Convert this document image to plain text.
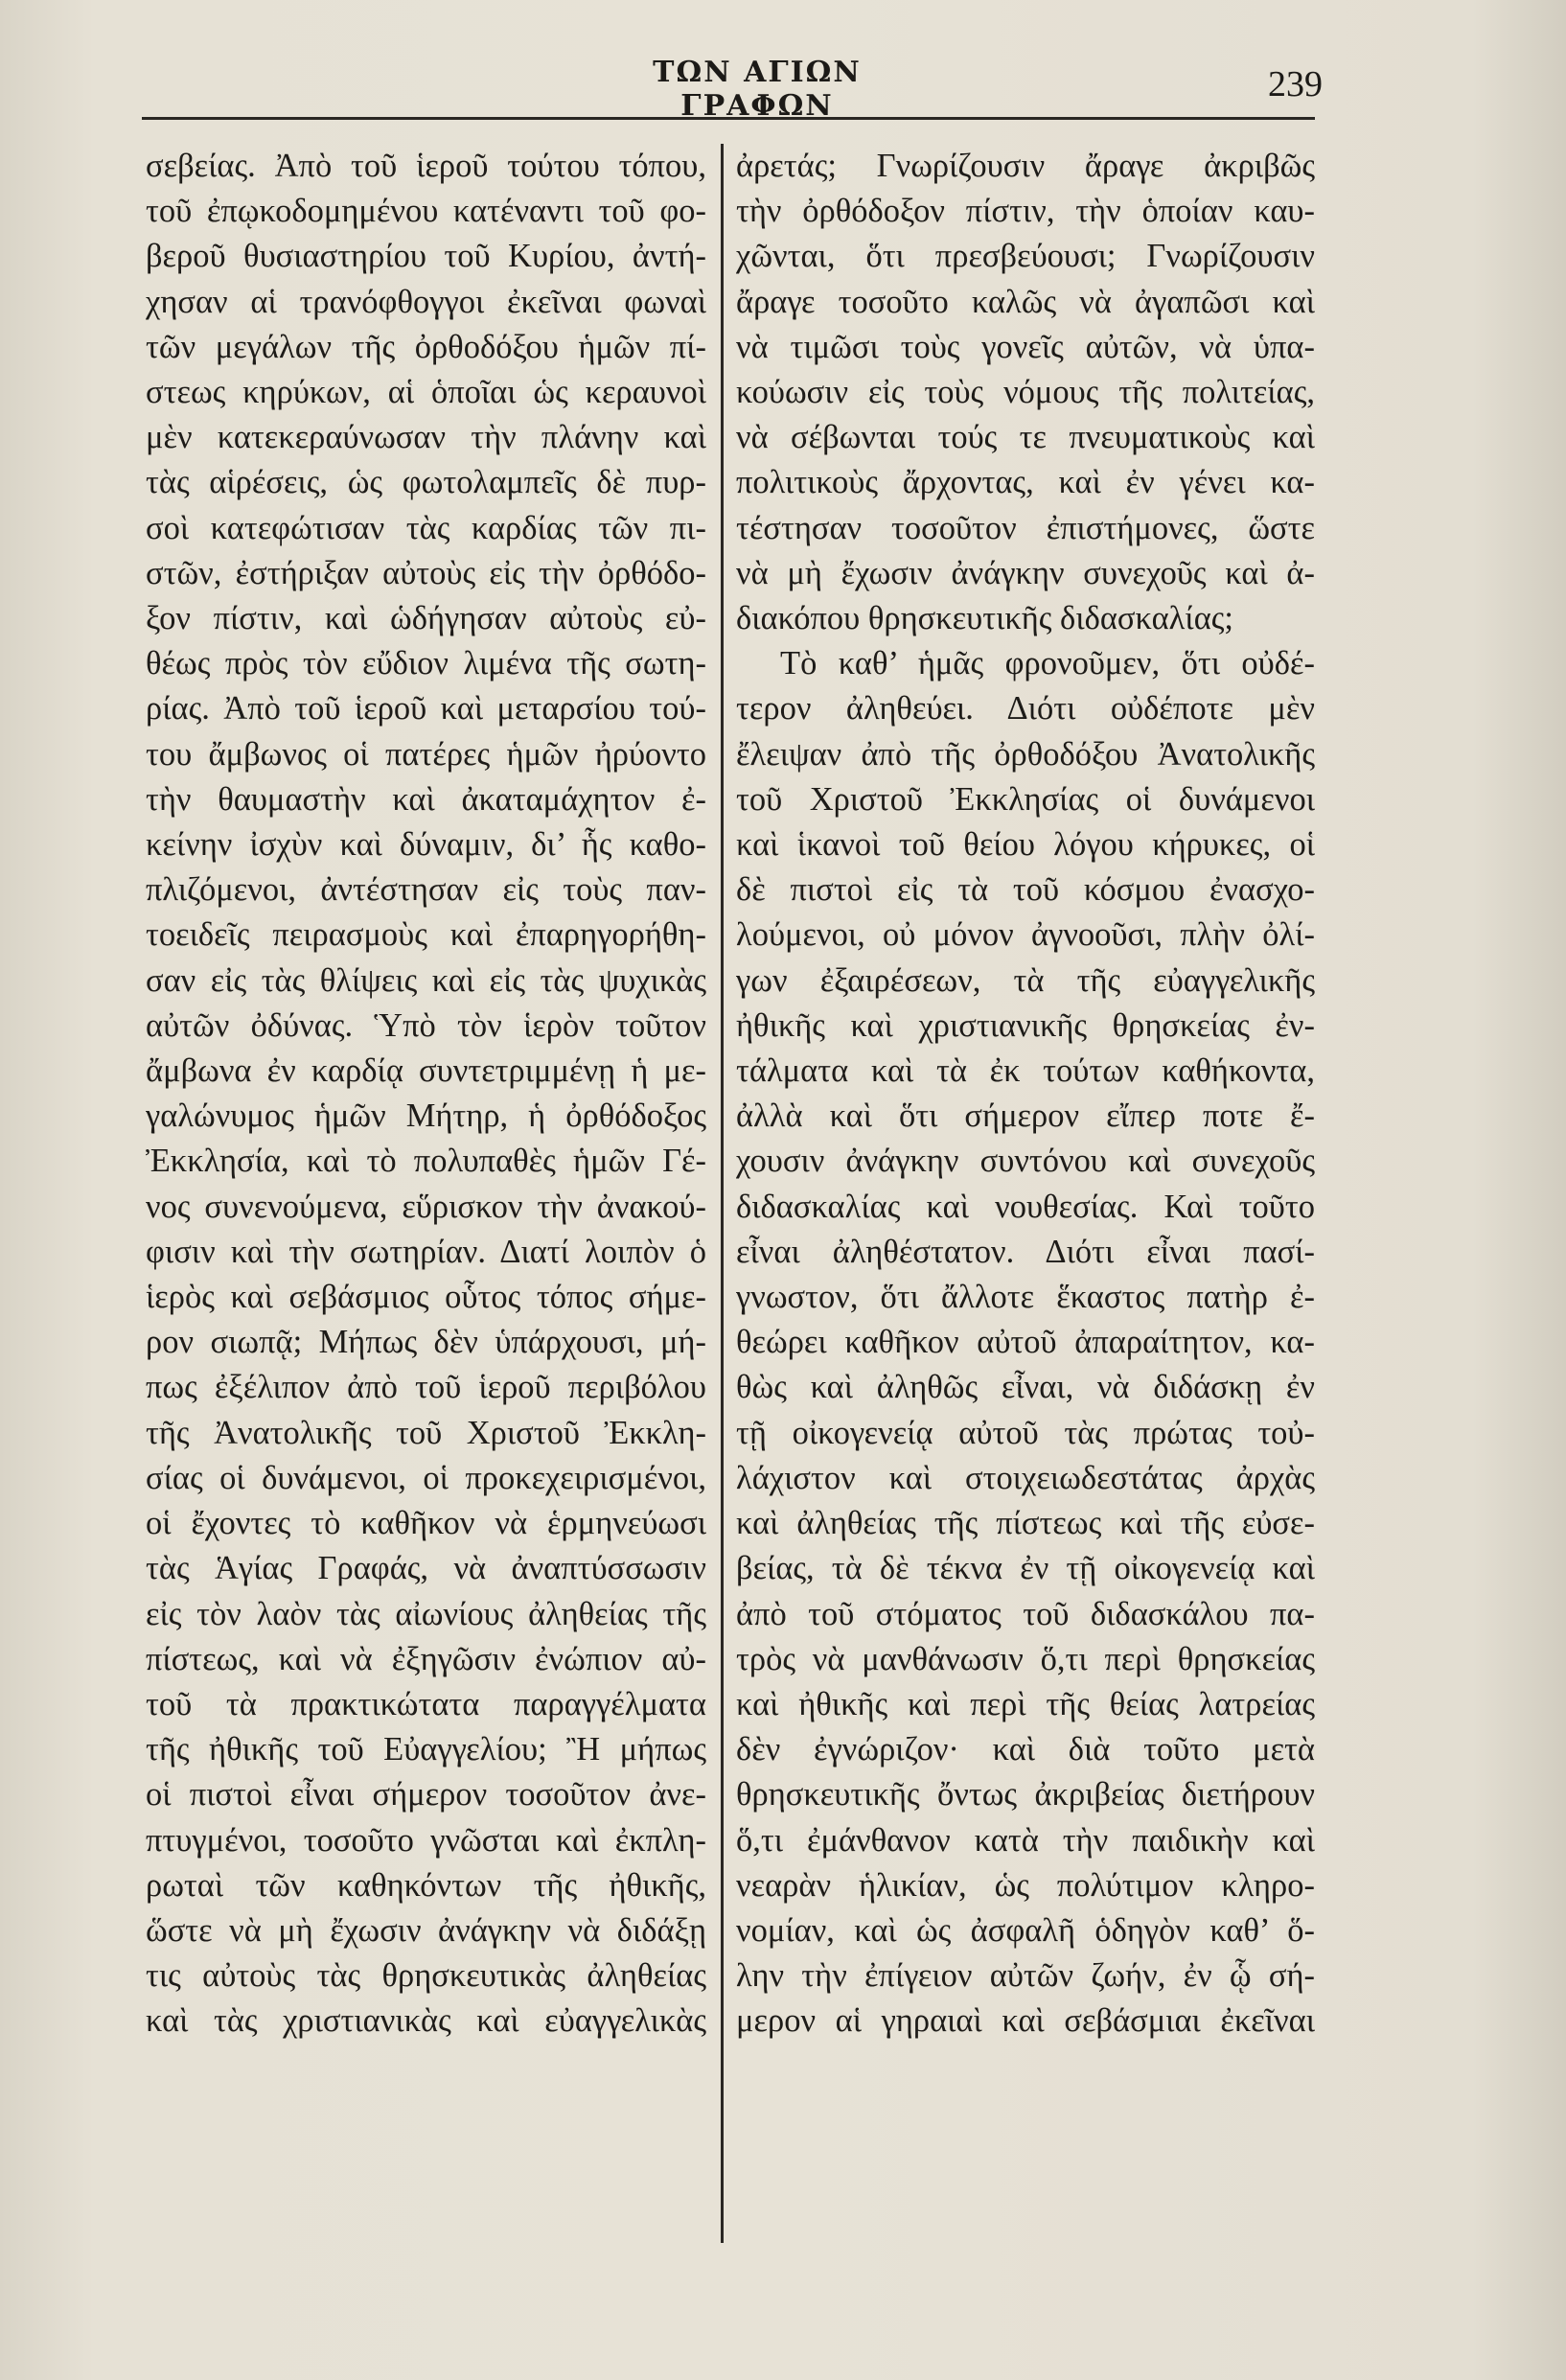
ΤΩΝ ΑΓΙΩΝ ΓΡΑΦΩΝ
239
σεβείας. Ἀπὸ τοῦ ἱεροῦ τούτου τόπου,
τοῦ ἐπῳκοδομημένου κατέναντι τοῦ φο-
βεροῦ θυσιαστηρίου τοῦ Κυρίου, ἀντή-
χησαν αἱ τρανόφθογγοι ἐκεῖναι φωναὶ
τῶν μεγάλων τῆς ὀρθοδόξου ἡμῶν πί-
στεως κηρύκων, αἱ ὁποῖαι ὡς κεραυνοὶ
μὲν κατεκεραύνωσαν τὴν πλάνην καὶ
τὰς αἱρέσεις, ὡς φωτολαμπεῖς δὲ πυρ-
σοὶ κατεφώτισαν τὰς καρδίας τῶν πι-
στῶν, ἐστήριξαν αὐτοὺς εἰς τὴν ὀρθόδο-
ξον πίστιν, καὶ ὡδήγησαν αὐτοὺς εὐ-
θέως πρὸς τὸν εὔδιον λιμένα τῆς σωτη-
ρίας. Ἀπὸ τοῦ ἱεροῦ καὶ μεταρσίου τού-
του ἄμβωνος οἱ πατέρες ἡμῶν ἠρύοντο
τὴν θαυμαστὴν καὶ ἀκαταμάχητον ἐ-
κείνην ἰσχὺν καὶ δύναμιν, δι’ ἧς καθο-
πλιζόμενοι, ἀντέστησαν εἰς τοὺς παν-
τοειδεῖς πειρασμοὺς καὶ ἐπαρηγορήθη-
σαν εἰς τὰς θλίψεις καὶ εἰς τὰς ψυχικὰς
αὐτῶν ὀδύνας. Ὑπὸ τὸν ἱερὸν τοῦτον
ἄμβωνα ἐν καρδίᾳ συντετριμμένῃ ἡ με-
γαλώνυμος ἡμῶν Μήτηρ, ἡ ὀρθόδοξος
Ἐκκλησία, καὶ τὸ πολυπαθὲς ἡμῶν Γέ-
νος συνενούμενα, εὕρισκον τὴν ἀνακού-
φισιν καὶ τὴν σωτηρίαν. Διατί λοιπὸν ὁ
ἱερὸς καὶ σεβάσμιος οὗτος τόπος σήμε-
ρον σιωπᾷ; Μήπως δὲν ὑπάρχουσι, μή-
πως ἐξέλιπον ἀπὸ τοῦ ἱεροῦ περιβόλου
τῆς Ἀνατολικῆς τοῦ Χριστοῦ Ἐκκλη-
σίας οἱ δυνάμενοι, οἱ προκεχειρισμένοι,
οἱ ἔχοντες τὸ καθῆκον νὰ ἑρμηνεύωσι
τὰς Ἁγίας Γραφάς, νὰ ἀναπτύσσωσιν
εἰς τὸν λαὸν τὰς αἰωνίους ἀληθείας τῆς
πίστεως, καὶ νὰ ἐξηγῶσιν ἐνώπιον αὐ-
τοῦ τὰ πρακτικώτατα παραγγέλματα
τῆς ἠθικῆς τοῦ Εὐαγγελίου; Ἢ μήπως
οἱ πιστοὶ εἶναι σήμερον τοσοῦτον ἀνε-
πτυγμένοι, τοσοῦτο γνῶσται καὶ ἐκπλη-
ρωταὶ τῶν καθηκόντων τῆς ἠθικῆς,
ὥστε νὰ μὴ ἔχωσιν ἀνάγκην νὰ διδάξῃ
τις αὐτοὺς τὰς θρησκευτικὰς ἀληθείας
καὶ τὰς χριστιανικὰς καὶ εὐαγγελικὰς
ἀρετάς; Γνωρίζουσιν ἄραγε ἀκριβῶς
τὴν ὀρθόδοξον πίστιν, τὴν ὁποίαν καυ-
χῶνται, ὅτι πρεσβεύουσι; Γνωρίζουσιν
ἄραγε τοσοῦτο καλῶς νὰ ἀγαπῶσι καὶ
νὰ τιμῶσι τοὺς γονεῖς αὐτῶν, νὰ ὑπα-
κούωσιν εἰς τοὺς νόμους τῆς πολιτείας,
νὰ σέβωνται τούς τε πνευματικοὺς καὶ
πολιτικοὺς ἄρχοντας, καὶ ἐν γένει κα-
τέστησαν τοσοῦτον ἐπιστήμονες, ὥστε
νὰ μὴ ἔχωσιν ἀνάγκην συνεχοῦς καὶ ἀ-
διακόπου θρησκευτικῆς διδασκαλίας;
Τὸ καθ’ ἡμᾶς φρονοῦμεν, ὅτι οὐδέ-
τερον ἀληθεύει. Διότι οὐδέποτε μὲν
ἔλειψαν ἀπὸ τῆς ὀρθοδόξου Ἀνατολικῆς
τοῦ Χριστοῦ Ἐκκλησίας οἱ δυνάμενοι
καὶ ἱκανοὶ τοῦ θείου λόγου κήρυκες, οἱ
δὲ πιστοὶ εἰς τὰ τοῦ κόσμου ἐνασχο-
λούμενοι, οὐ μόνον ἀγνοοῦσι, πλὴν ὀλί-
γων ἐξαιρέσεων, τὰ τῆς εὐαγγελικῆς
ἠθικῆς καὶ χριστιανικῆς θρησκείας ἐν-
τάλματα καὶ τὰ ἐκ τούτων καθήκοντα,
ἀλλὰ καὶ ὅτι σήμερον εἴπερ ποτε ἔ-
χουσιν ἀνάγκην συντόνου καὶ συνεχοῦς
διδασκαλίας καὶ νουθεσίας. Καὶ τοῦτο
εἶναι ἀληθέστατον. Διότι εἶναι πασί-
γνωστον, ὅτι ἄλλοτε ἕκαστος πατὴρ ἐ-
θεώρει καθῆκον αὐτοῦ ἀπαραίτητον, κα-
θὼς καὶ ἀληθῶς εἶναι, νὰ διδάσκῃ ἐν
τῇ οἰκογενείᾳ αὐτοῦ τὰς πρώτας τοὐ-
λάχιστον καὶ στοιχειωδεστάτας ἀρχὰς
καὶ ἀληθείας τῆς πίστεως καὶ τῆς εὐσε-
βείας, τὰ δὲ τέκνα ἐν τῇ οἰκογενείᾳ καὶ
ἀπὸ τοῦ στόματος τοῦ διδασκάλου πα-
τρὸς νὰ μανθάνωσιν ὅ,τι περὶ θρησκείας
καὶ ἠθικῆς καὶ περὶ τῆς θείας λατρείας
δὲν ἐγνώριζον· καὶ διὰ τοῦτο μετὰ
θρησκευτικῆς ὄντως ἀκριβείας διετήρουν
ὅ,τι ἐμάνθανον κατὰ τὴν παιδικὴν καὶ
νεαρὰν ἡλικίαν, ὡς πολύτιμον κληρο-
νομίαν, καὶ ὡς ἀσφαλῆ ὁδηγὸν καθ’ ὅ-
λην τὴν ἐπίγειον αὐτῶν ζωήν, ἐν ᾧ σή-
μερον αἱ γηραιαὶ καὶ σεβάσμιαι ἐκεῖναι
